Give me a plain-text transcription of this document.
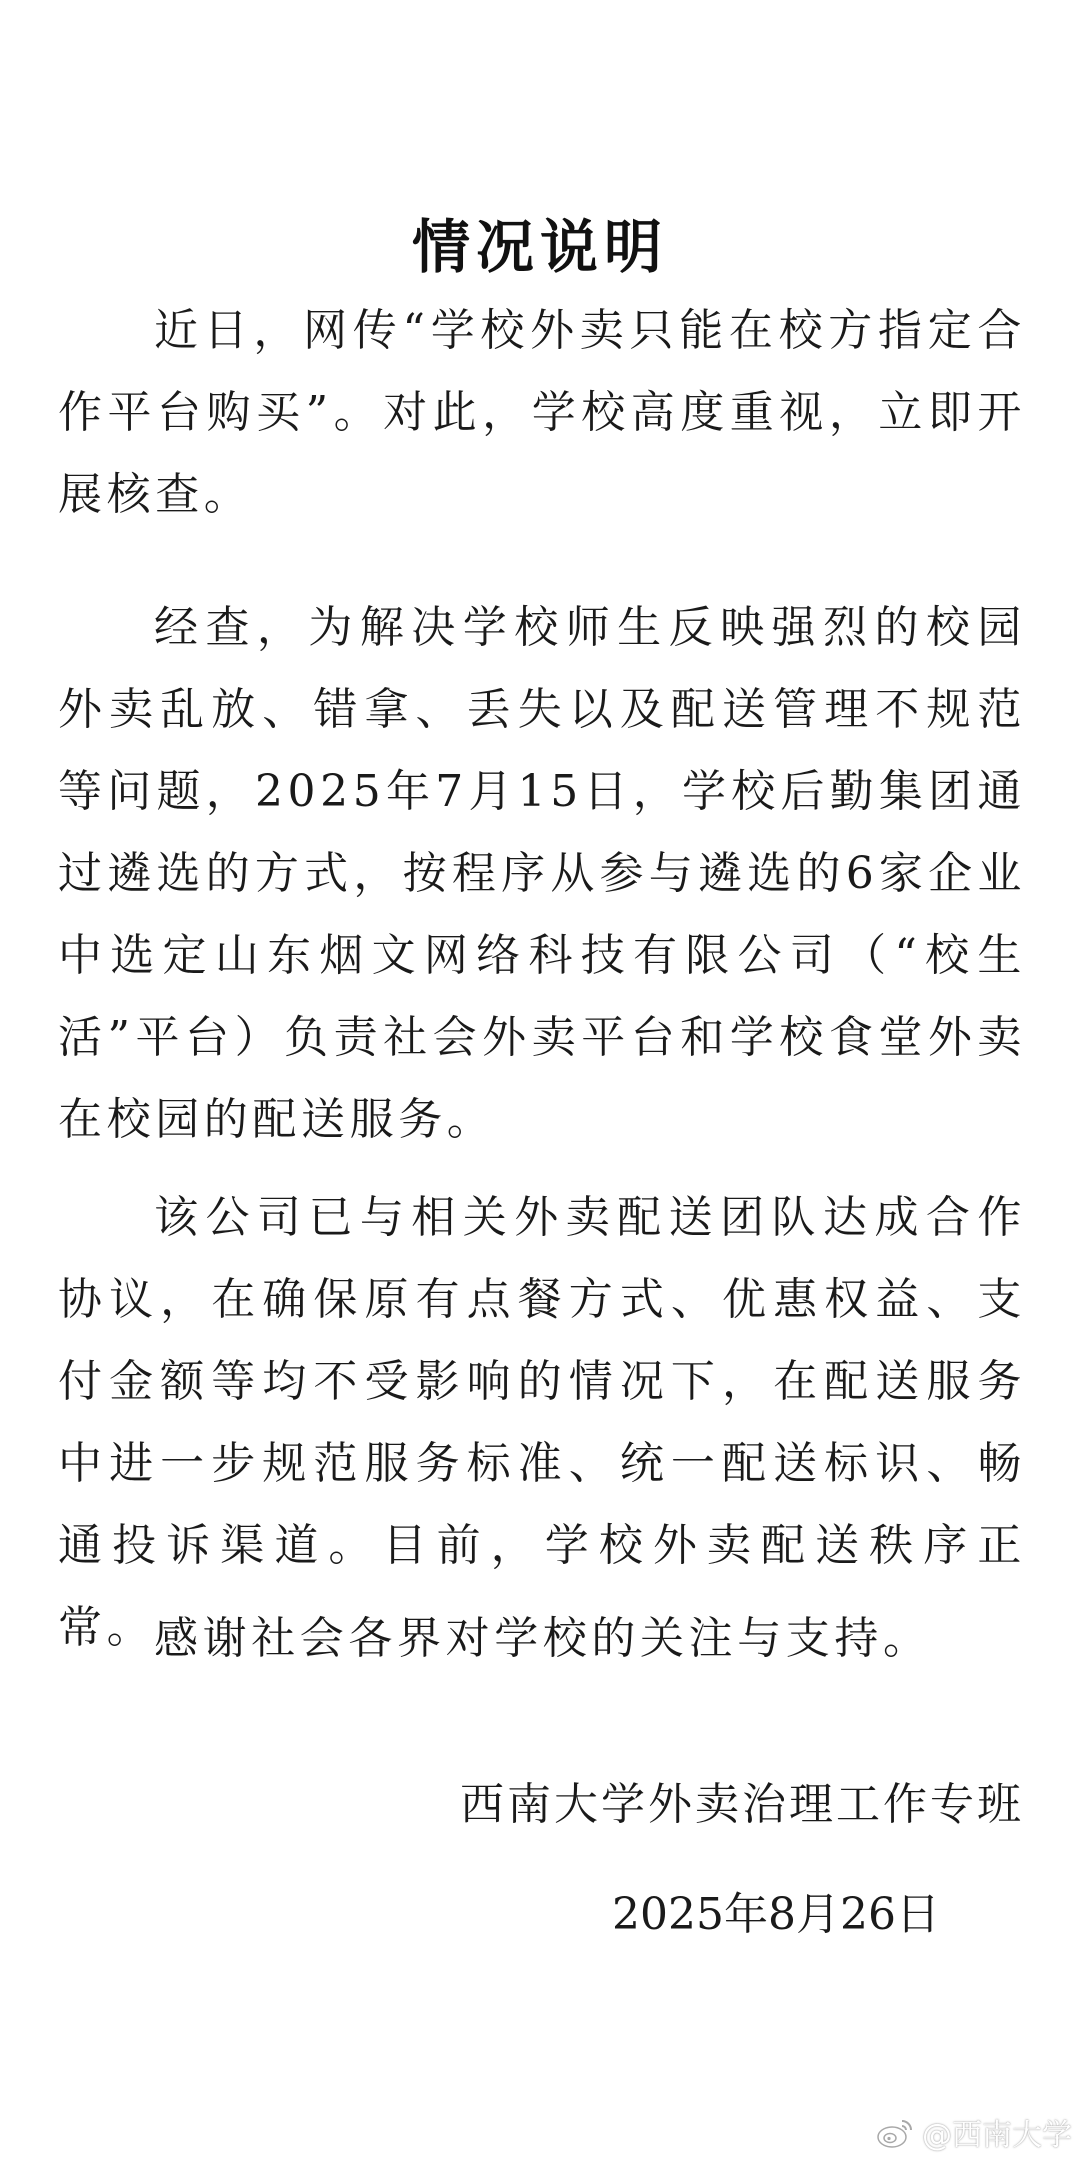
情况说明

近日，网传“学校外卖只能在校方指定合作平台购买”。对此，学校高度重视，立即开展核查。

经查，为解决学校师生反映强烈的校园外卖乱放、错拿、丢失以及配送管理不规范等问题，2025年7月15日，学校后勤集团通过遴选的方式，按程序从参与遴选的6家企业中选定山东烟文网络科技有限公司（“校生活”平台）负责社会外卖平台和学校食堂外卖在校园的配送服务。

该公司已与相关外卖配送团队达成合作协议，在确保原有点餐方式、优惠权益、支付金额等均不受影响的情况下，在配送服务中进一步规范服务标准、统一配送标识、畅通投诉渠道。目前，学校外卖配送秩序正常。

感谢社会各界对学校的关注与支持。

西南大学外卖治理工作专班
2025年8月26日
@西南大学
